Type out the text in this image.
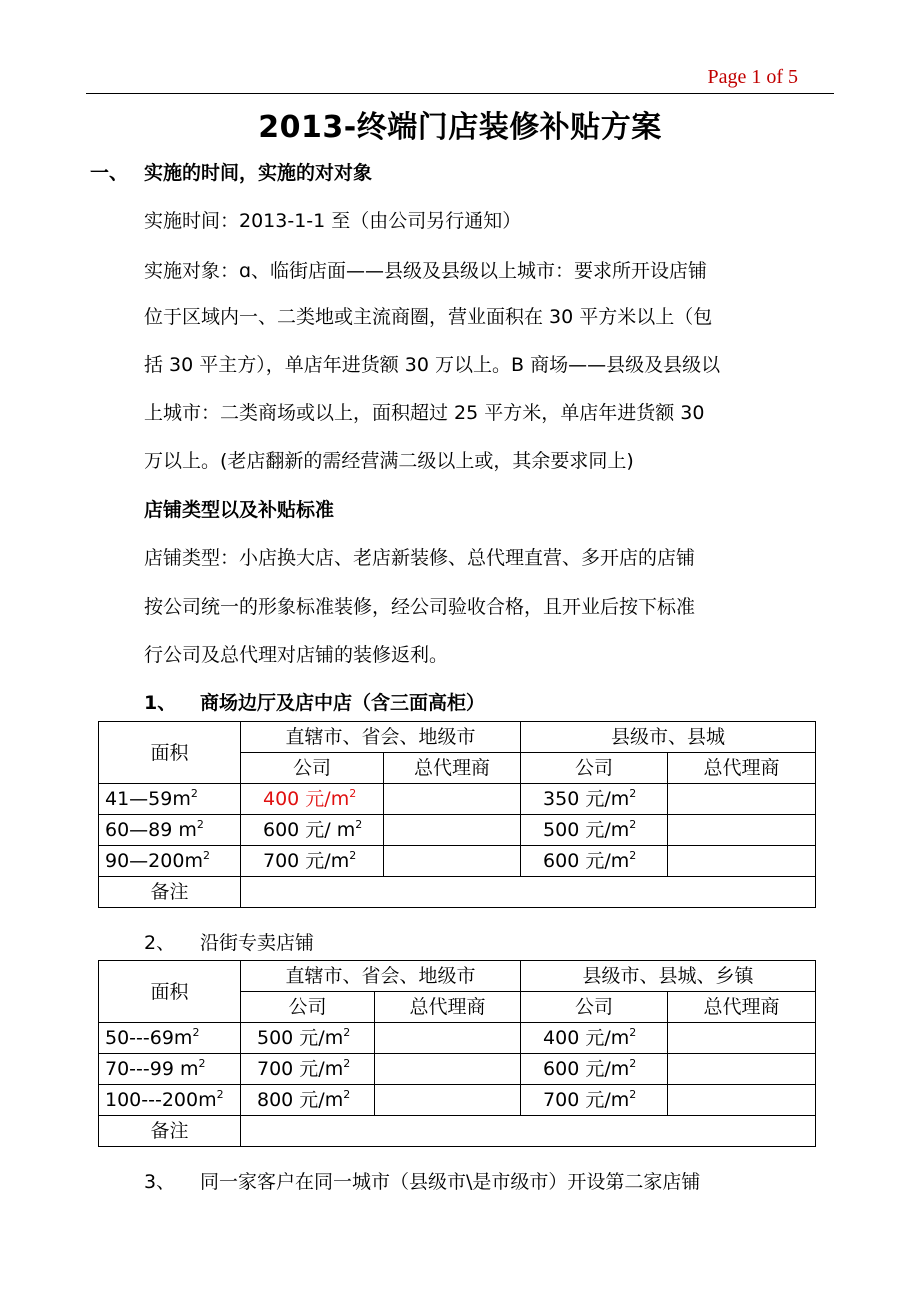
Page 1 of 5
2013-终端门店装修补贴方案
一、 实施的时间，实施的对对象
实施时间：2013-1-1 至（由公司另行通知）
实施对象：ɑ、临街店面——县级及县级以上城市：要求所开设店铺
位于区域内一、二类地或主流商圈，营业面积在 30 平方米以上（包
括 30 平主方），单店年进货额 30 万以上。B 商场——县级及县级以
上城市：二类商场或以上，面积超过 25 平方米，单店年进货额 30
万以上。(老店翻新的需经营满二级以上或，其余要求同上)
店铺类型以及补贴标准
店铺类型：小店换大店、老店新装修、总代理直营、多开店的店铺
按公司统一的形象标准装修，经公司验收合格，且开业后按下标准
行公司及总代理对店铺的装修返利。
1、 商场边厅及店中店（含三面高柜）
面积	直辖市、省会、地级市		县级市、县城	
	公司	总代理商	公司	总代理商
$41—59m^2$	400 元$/m^2$		350 元$/m^2$	
60—89 $m^2$	600 元/ $m^2$		500 元$/m^2$	
$90—200m^2$	700 元$/m^2$		600 元$/m^2$	
备注				
2、 沿街专卖店铺
面积	直辖市、省会、地级市		县级市、县城、乡镇	
	公司	总代理商	公司	总代理商
$50---69m^2$	500 元$/m^2$		400 元$/m^2$	
70---99 $m^2$	700 元$/m^2$		600 元$/m^2$	
$100---200m^2$	800 元$/m^2$		700 元$/m^2$	
备注				
3、 同一家客户在同一城市（县级市\是市级市）开设第二家店铺
